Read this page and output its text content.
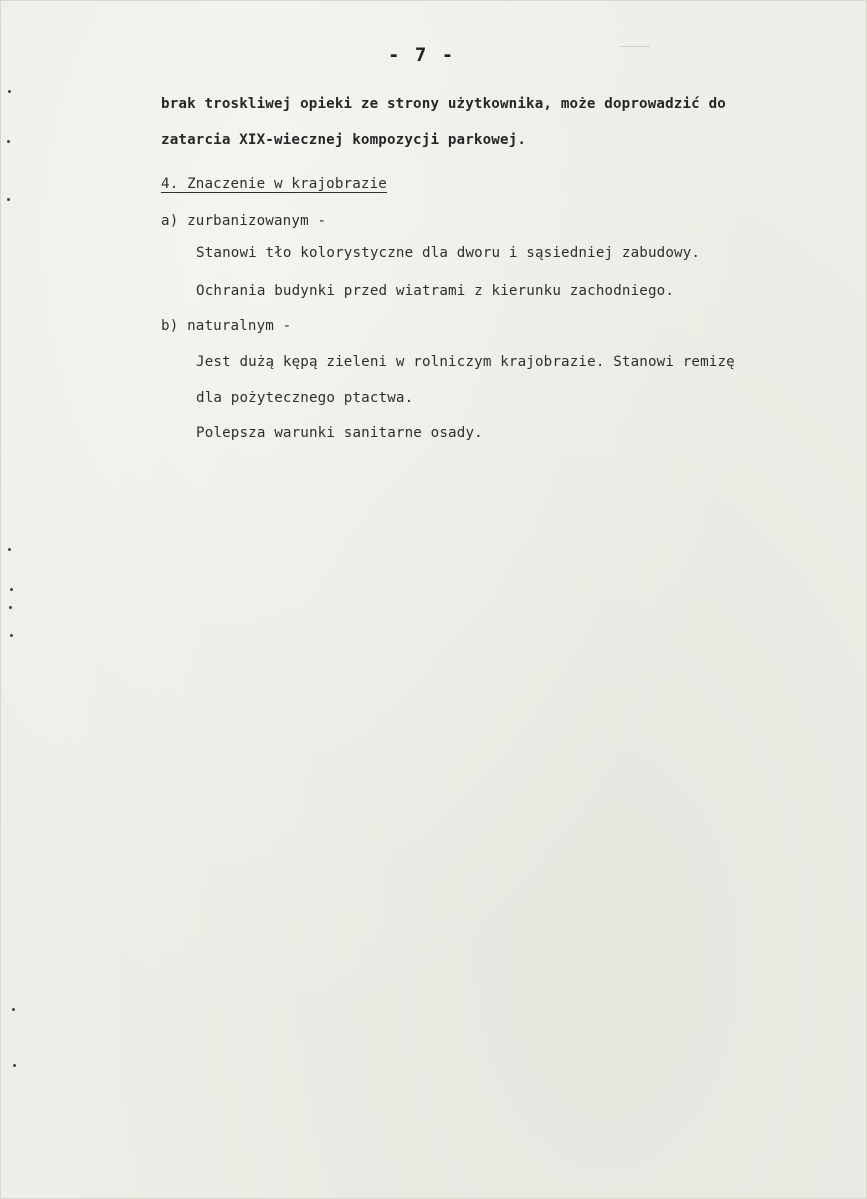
- 7 -
brak troskliwej opieki ze strony użytkownika, może doprowadzić do
zatarcia XIX-wiecznej kompozycji parkowej.
4. Znaczenie w krajobrazie
a) zurbanizowanym -
Stanowi tło kolorystyczne dla dworu i sąsiedniej zabudowy.
Ochrania budynki przed wiatrami z kierunku zachodniego.
b) naturalnym -
Jest dużą kępą zieleni w rolniczym krajobrazie. Stanowi remizę
dla pożytecznego ptactwa.
Polepsza warunki sanitarne osady.
